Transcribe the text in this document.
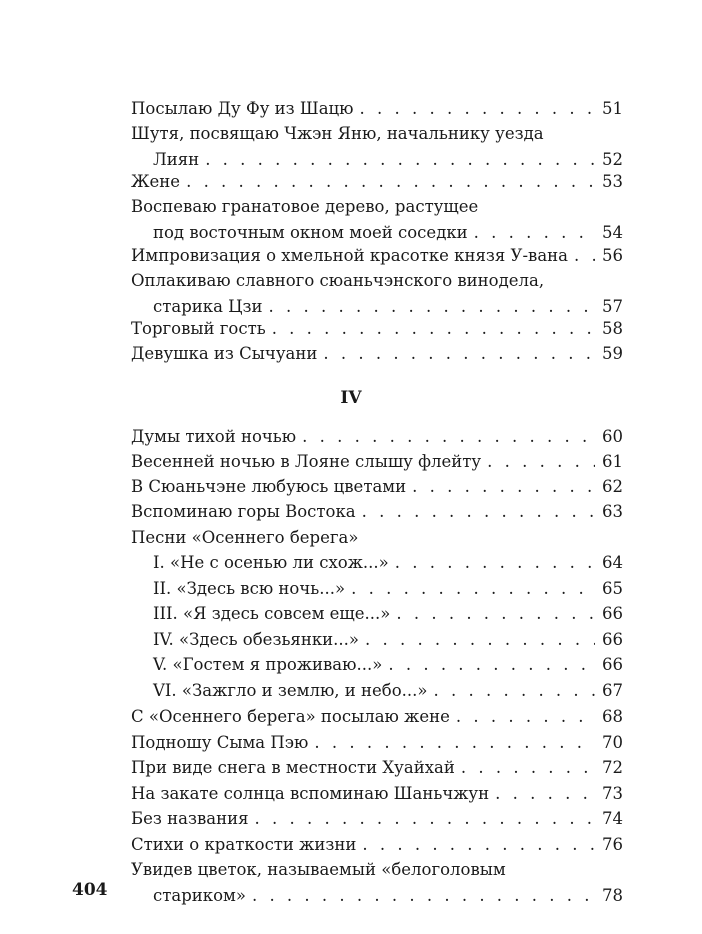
Посылаю Ду Фу из Шацю . . .	51
Шутя, посвящаю Чжэн Яню, начальнику уезда
Лиян . . .	52
Жене . . .	53
Воспеваю гранатовое дерево, растущее
под восточным окном моей соседки . . .	54
Импровизация о хмельной красотке князя У-вана . . . 56
Оплакиваю славного сюаньчэнского винодела,
старика Цзи . . .	57
Торговый гость . . .	58
Девушка из Сычуани . . .	59
Думы тихой ночью . . .	60
Весенней ночью в Лояне слышу флейту . . .	61
В Сюаньчэне любуюсь цветами . . .	62
Вспоминаю горы Востока . . .	63
Песни «Осеннего берега»
I. «Не с осенью ли схож...» . . .	64
II. «Здесь всю ночь...» . . .	65
III. «Я здесь совсем еще...» . . .	66
IV. «Здесь обезьянки...» . . .	66
V. «Гостем я проживаю...» . . .	66
VI. «Зажгло и землю, и небо...» . . .	67
С «Осеннего берега» посылаю жене . . .	68
Подношу Сыма Пэю . . .	70
При виде снега в местности Хуайхай . . .	72
На закате солнца вспоминаю Шаньчжун . . .	73
Без названия . . .	74
Стихи о краткости жизни . . .	76
Увидев цветок, называемый «белоголовым
стариком» . . .	78
IV
404
